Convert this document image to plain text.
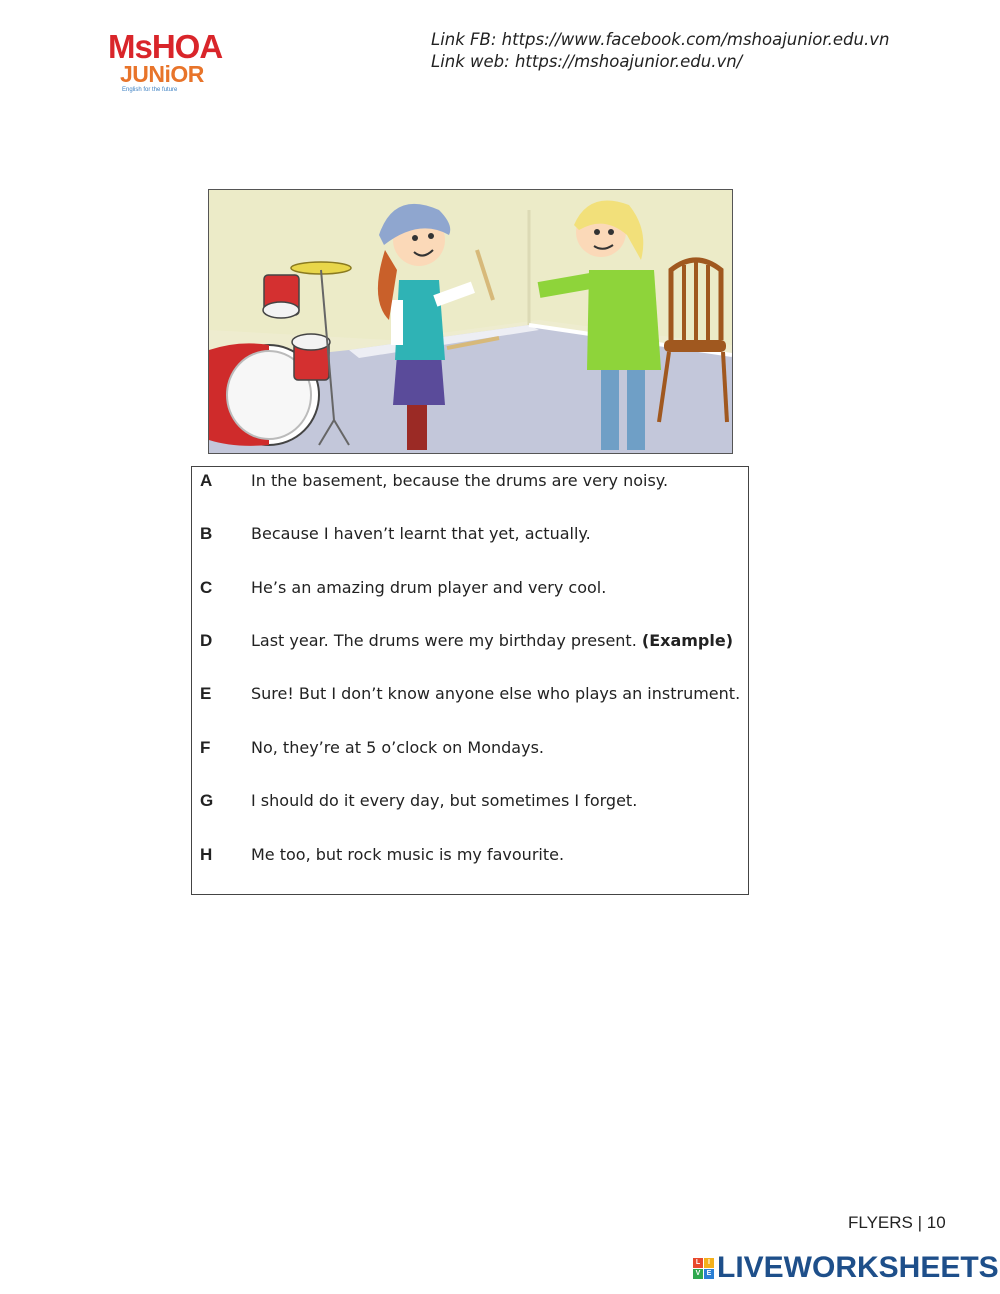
MsHOA
JUNiOR
English for the future
Link FB: https://www.facebook.com/mshoajunior.edu.vn
Link web: https://mshoajunior.edu.vn/
A In the basement, because the drums are very noisy.
B Because I haven’t learnt that yet, actually.
C He’s an amazing drum player and very cool.
D Last year. The drums were my birthday present. (Example)
E Sure! But I don’t know anyone else who plays an instrument.
F	No, they’re at 5 o’clock on Mondays.
G I should do it every day, but sometimes I forget.
H Me too, but rock music is my favourite.
FLYERS | 10
L	I
V E LIVEWORKSHEETS
